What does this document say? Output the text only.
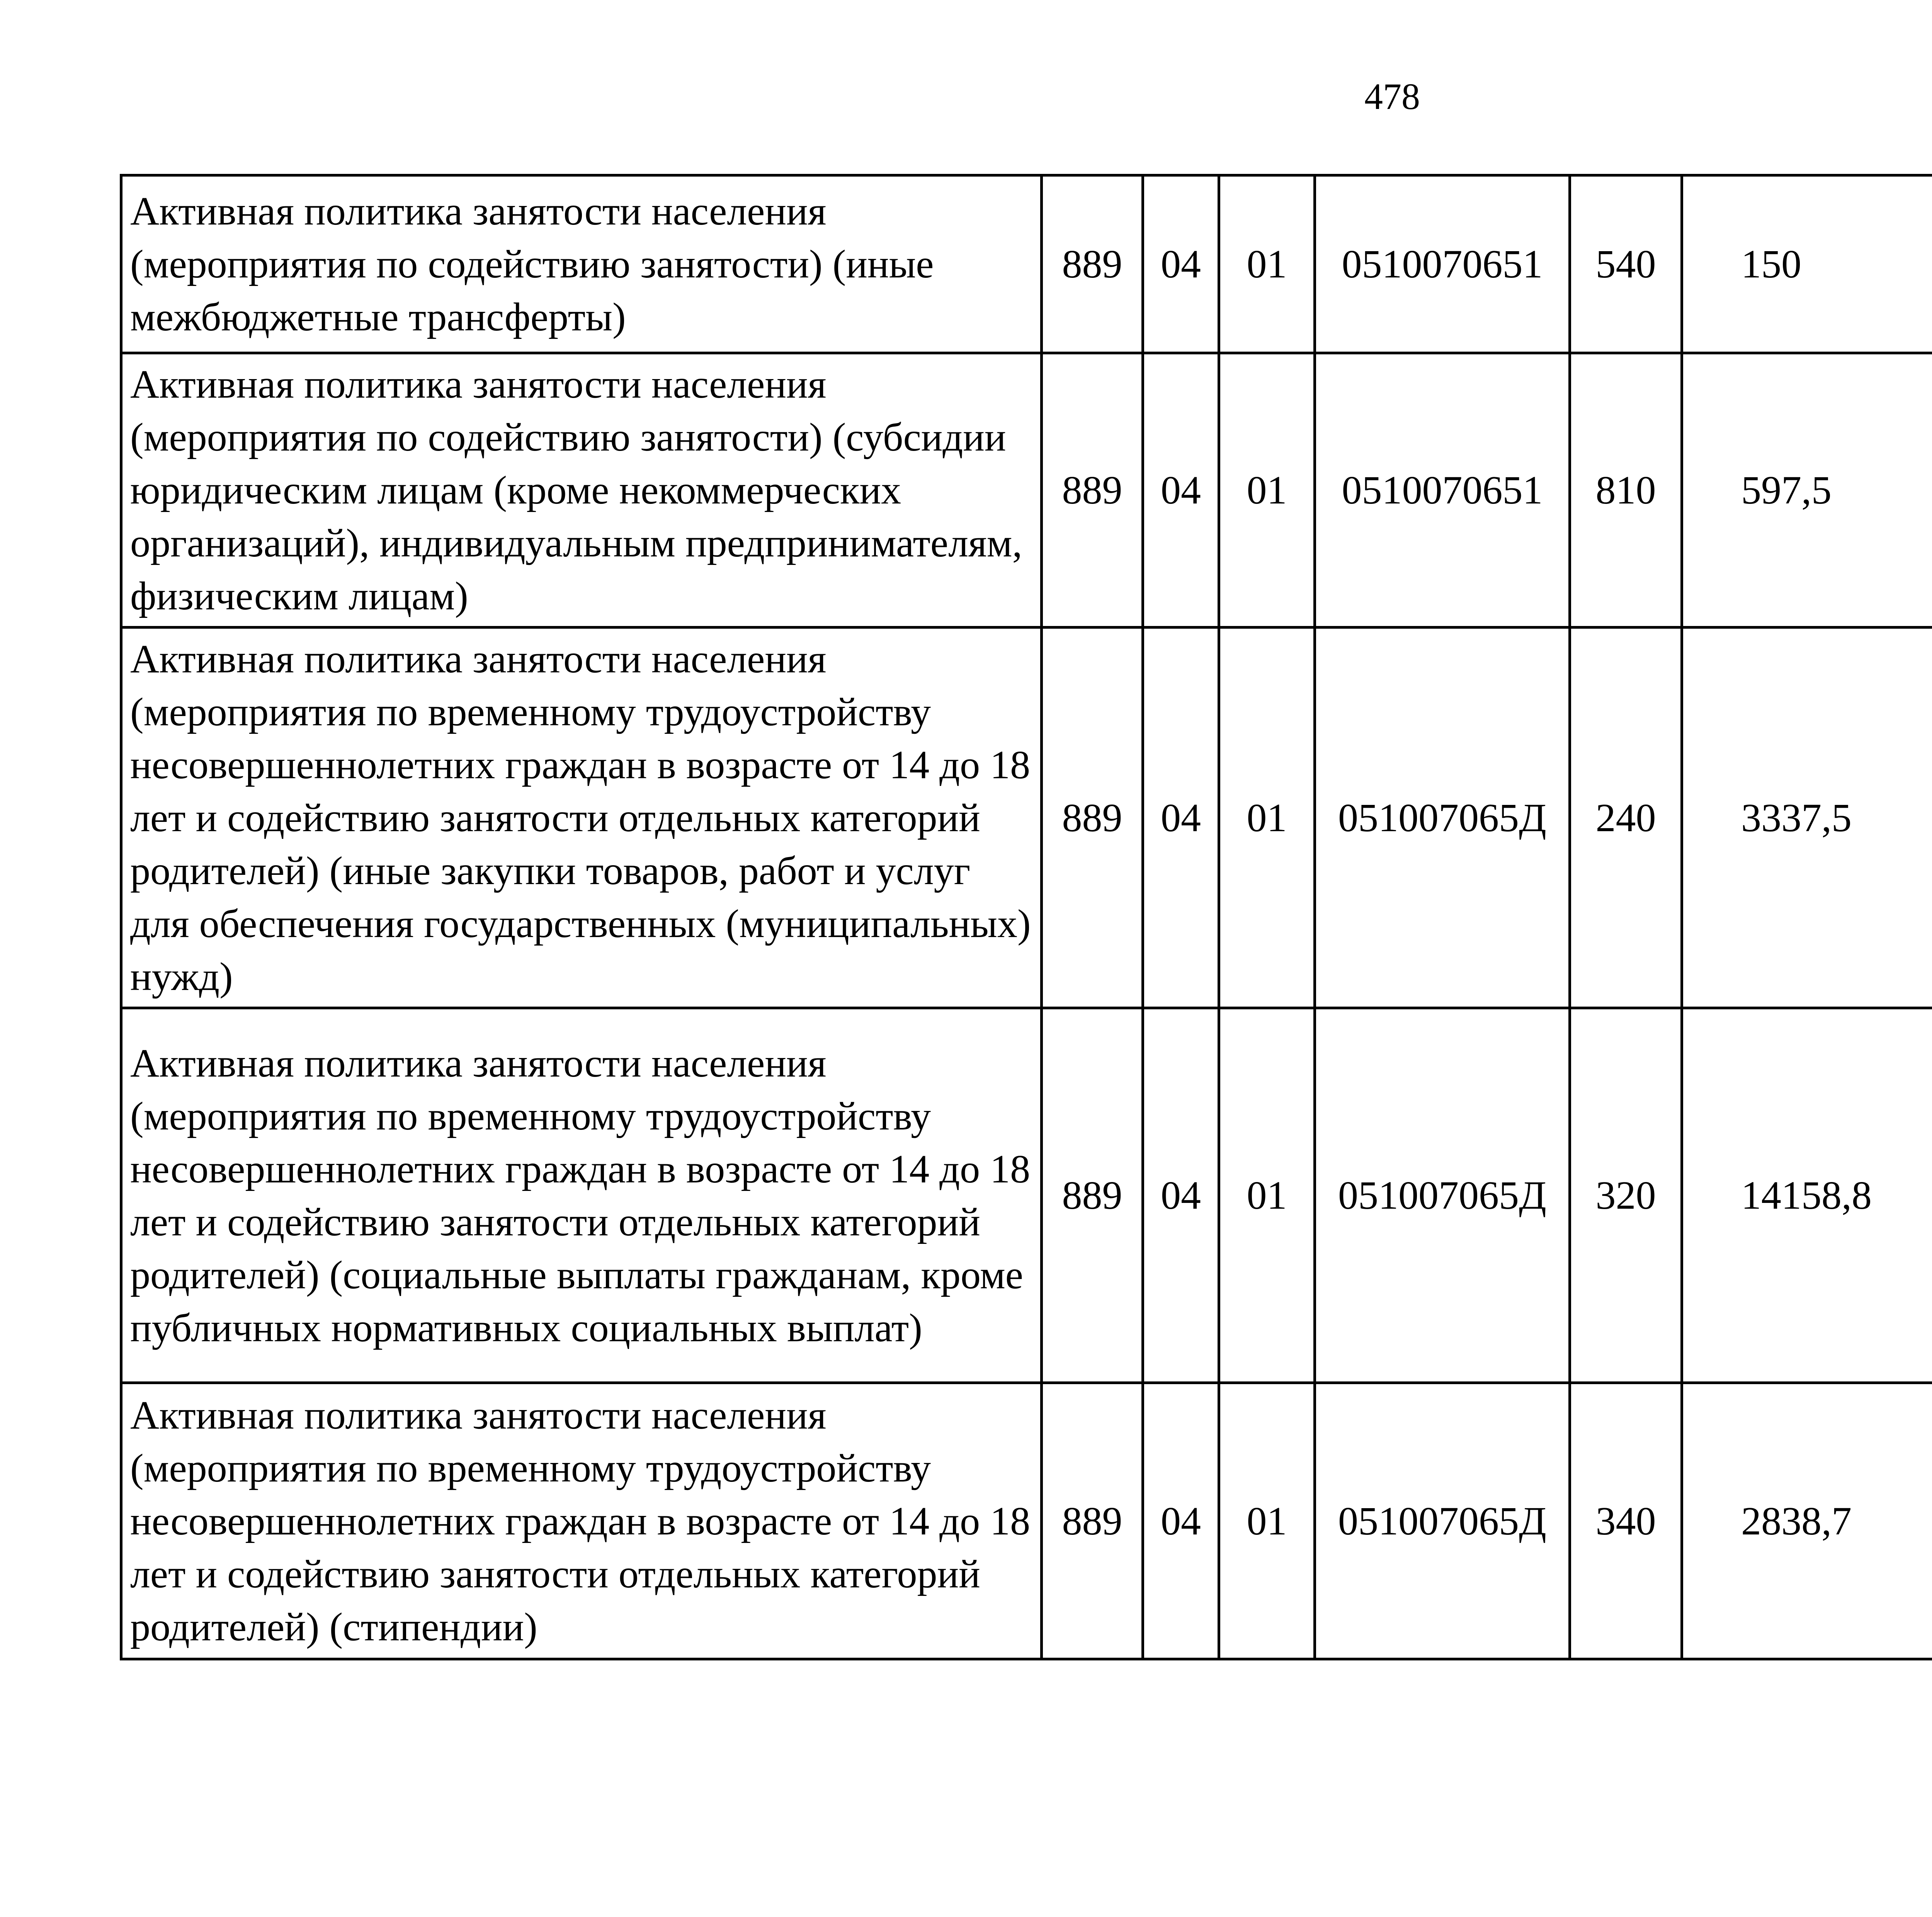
478
Активная политика занятости населения (мероприятия по содействию занятости) (иные межбюджетные трансферты)	889	04	01	0510070651	540	150		
Активная политика занятости населения (мероприятия по содействию занятости) (субсидии юридическим лицам (кроме некоммерческих организаций), индивидуальным предпринимателям, физическим лицам)	889	04	01	0510070651	810	597,5		
Активная политика занятости населения (мероприятия по временному трудоустройству несовершеннолетних граждан в возрасте от 14 до 18 лет и содействию занятости отдельных категорий родителей) (иные закупки товаров, работ и услуг для обеспечения государственных (муниципальных) нужд)	889	04	01	051007065Д	240	3337,5		
Активная политика занятости населения (мероприятия по временному трудоустройству несовершеннолетних граждан в возрасте от 14 до 18 лет и содействию занятости отдельных категорий родителей) (социальные выплаты гражданам, кроме публичных нормативных социальных выплат)	889	04	01	051007065Д	320	14158,8		
Активная политика занятости населения (мероприятия по временному трудоустройству несовершеннолетних граждан в возрасте от 14 до 18 лет и содействию занятости отдельных категорий родителей) (стипендии)	889	04	01	051007065Д	340	2838,7		
